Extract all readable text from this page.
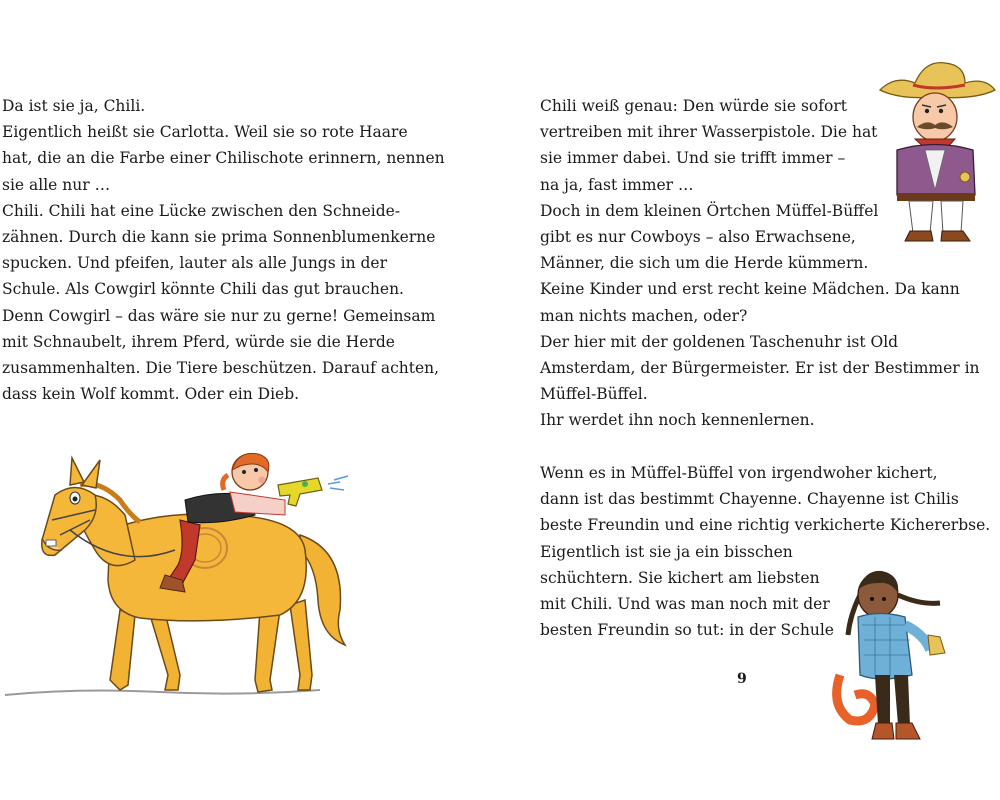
Da ist sie ja, Chili.
Eigentlich heißt sie Carlotta. Weil sie so rote Haare
hat, die an die Farbe einer Chilischote erinnern, nennen
sie alle nur …
Chili. Chili hat eine Lücke zwischen den Schneide-
zähnen. Durch die kann sie prima Sonnenblumenkerne
spucken. Und pfeifen, lauter als alle Jungs in der
Schule. Als Cowgirl könnte Chili das gut brauchen.
Denn Cowgirl – das wäre sie nur zu gerne! Gemeinsam
mit Schnaubelt, ihrem Pferd, würde sie die Herde
zusammenhalten. Die Tiere beschützen. Darauf achten,
dass kein Wolf kommt. Oder ein Dieb.
Chili weiß genau: Den würde sie sofort
vertreiben mit ihrer Wasserpistole. Die hat
sie immer dabei. Und sie trifft immer –
na ja, fast immer …
Doch in dem kleinen Örtchen Müffel-Büffel
gibt es nur Cowboys – also Erwachsene,
Männer, die sich um die Herde kümmern.
Keine Kinder und erst recht keine Mädchen. Da kann
man nichts machen, oder?
Der hier mit der goldenen Taschenuhr ist Old
Amsterdam, der Bürgermeister. Er ist der Bestimmer in
Müffel-Büffel.
Ihr werdet ihn noch kennenlernen.
Wenn es in Müffel-Büffel von irgendwoher kichert,
dann ist das bestimmt Chayenne. Chayenne ist Chilis
beste Freundin und eine richtig verkicherte Kichererbse.
Eigentlich ist sie ja ein bisschen
schüchtern. Sie kichert am liebsten
mit Chili. Und was man noch mit der
besten Freundin so tut: in der Schule
9
